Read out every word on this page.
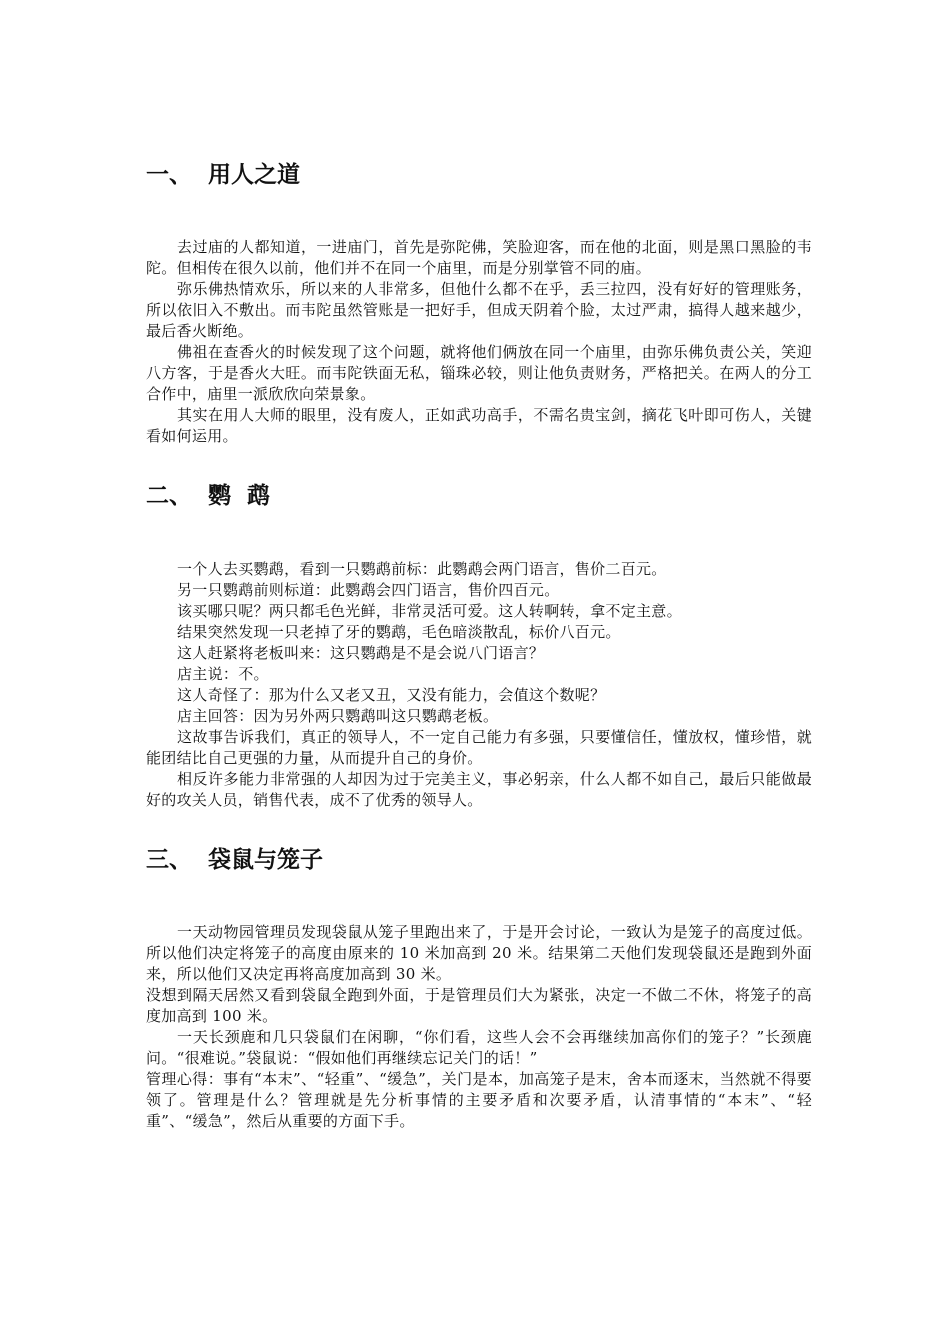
一、 用人之道

去过庙的人都知道，一进庙门，首先是弥陀佛，笑脸迎客，而在他的北面，则是黑口黑脸的韦陀。但相传在很久以前，他们并不在同一个庙里，而是分别掌管不同的庙。

弥乐佛热情欢乐，所以来的人非常多，但他什么都不在乎，丢三拉四，没有好好的管理账务，所以依旧入不敷出。而韦陀虽然管账是一把好手，但成天阴着个脸，太过严肃，搞得人越来越少，最后香火断绝。

佛祖在查香火的时候发现了这个问题，就将他们俩放在同一个庙里，由弥乐佛负责公关，笑迎八方客，于是香火大旺。而韦陀铁面无私，锱珠必较，则让他负责财务，严格把关。在两人的分工合作中，庙里一派欣欣向荣景象。

其实在用人大师的眼里，没有废人，正如武功高手，不需名贵宝剑，摘花飞叶即可伤人，关键看如何运用。

二、 鹦  鹉

一个人去买鹦鹉，看到一只鹦鹉前标：此鹦鹉会两门语言，售价二百元。

另一只鹦鹉前则标道：此鹦鹉会四门语言，售价四百元。

该买哪只呢？两只都毛色光鲜，非常灵活可爱。这人转啊转，拿不定主意。

结果突然发现一只老掉了牙的鹦鹉，毛色暗淡散乱，标价八百元。

这人赶紧将老板叫来：这只鹦鹉是不是会说八门语言？

店主说：不。

这人奇怪了：那为什么又老又丑，又没有能力，会值这个数呢？

店主回答：因为另外两只鹦鹉叫这只鹦鹉老板。

这故事告诉我们，真正的领导人，不一定自己能力有多强，只要懂信任，懂放权，懂珍惜，就能团结比自己更强的力量，从而提升自己的身价。

相反许多能力非常强的人却因为过于完美主义，事必躬亲，什么人都不如自己，最后只能做最好的攻关人员，销售代表，成不了优秀的领导人。

三、 袋鼠与笼子

一天动物园管理员发现袋鼠从笼子里跑出来了，于是开会讨论，一致认为是笼子的高度过低。所以他们决定将笼子的高度由原来的 10 米加高到 20 米。结果第二天他们发现袋鼠还是跑到外面来，所以他们又决定再将高度加高到 30 米。

没想到隔天居然又看到袋鼠全跑到外面，于是管理员们大为紧张，决定一不做二不休，将笼子的高度加高到 100 米。

一天长颈鹿和几只袋鼠们在闲聊，“你们看，这些人会不会再继续加高你们的笼子？”长颈鹿问。“很难说。”袋鼠说：“假如他们再继续忘记关门的话！”

管理心得：事有“本末”、“轻重”、“缓急”，关门是本，加高笼子是末，舍本而逐末，当然就不得要领了。管理是什么？管理就是先分析事情的主要矛盾和次要矛盾，认清事情的“本末”、“轻重”、“缓急”，然后从重要的方面下手。
